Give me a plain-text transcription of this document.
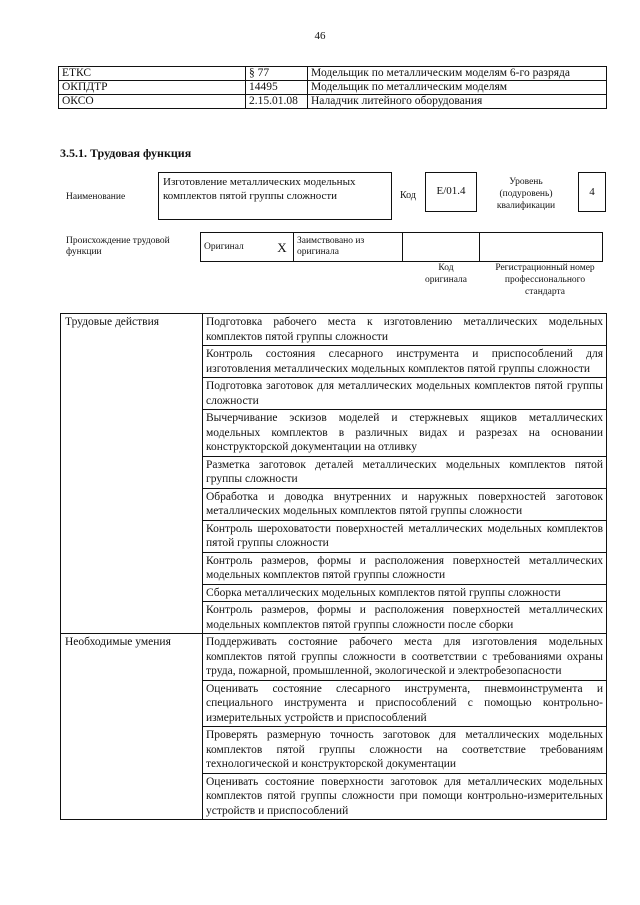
46
ЕТКС	§ 77	Модельщик по металлическим моделям 6-го разряда
ОКПДТР	14495	Модельщик по металлическим моделям
ОКСО	2.15.01.08	Наладчик литейного оборудования
3.5.1. Трудовая функция
Наименование
Изготовление металлических модельных комплектов пятой группы сложности	Код	E/01.4
Уровень (подуровень) квалификации
4
Происхождение трудовой функции
Оригинал	X	Заимствовано из оригинала		
Код оригинала
Регистрационный номер профессионального стандарта
Трудовые действия	Подготовка рабочего места к изготовлению металлических модельных комплектов пятой группы сложности
	Контроль состояния слесарного инструмента и приспособлений для изготовления металлических модельных комплектов пятой группы сложности
	Подготовка заготовок для металлических модельных комплектов пятой группы сложности
	Вычерчивание эскизов моделей и стержневых ящиков металлических модельных комплектов в различных видах и разрезах на основании конструкторской документации на отливку
	Разметка заготовок деталей металлических модельных комплектов пятой группы сложности
	Обработка и доводка внутренних и наружных поверхностей заготовок металлических модельных комплектов пятой группы сложности
	Контроль шероховатости поверхностей металлических модельных комплектов пятой группы сложности
	Контроль размеров, формы и расположения поверхностей металлических модельных комплектов пятой группы сложности
	Сборка металлических модельных комплектов пятой группы сложности
	Контроль размеров, формы и расположения поверхностей металлических модельных комплектов пятой группы сложности после сборки
Необходимые умения	Поддерживать состояние рабочего места для изготовления модельных комплектов пятой группы сложности в соответствии с требованиями охраны труда, пожарной, промышленной, экологической и электробезопасности
	Оценивать состояние слесарного инструмента, пневмоинструмента и специального инструмента и приспособлений с помощью контрольно-измерительных устройств и приспособлений
	Проверять размерную точность заготовок для металлических модельных комплектов пятой группы сложности на соответствие требованиям технологической и конструкторской документации
	Оценивать состояние поверхности заготовок для металлических модельных комплектов пятой группы сложности при помощи контрольно-измерительных устройств и приспособлений
